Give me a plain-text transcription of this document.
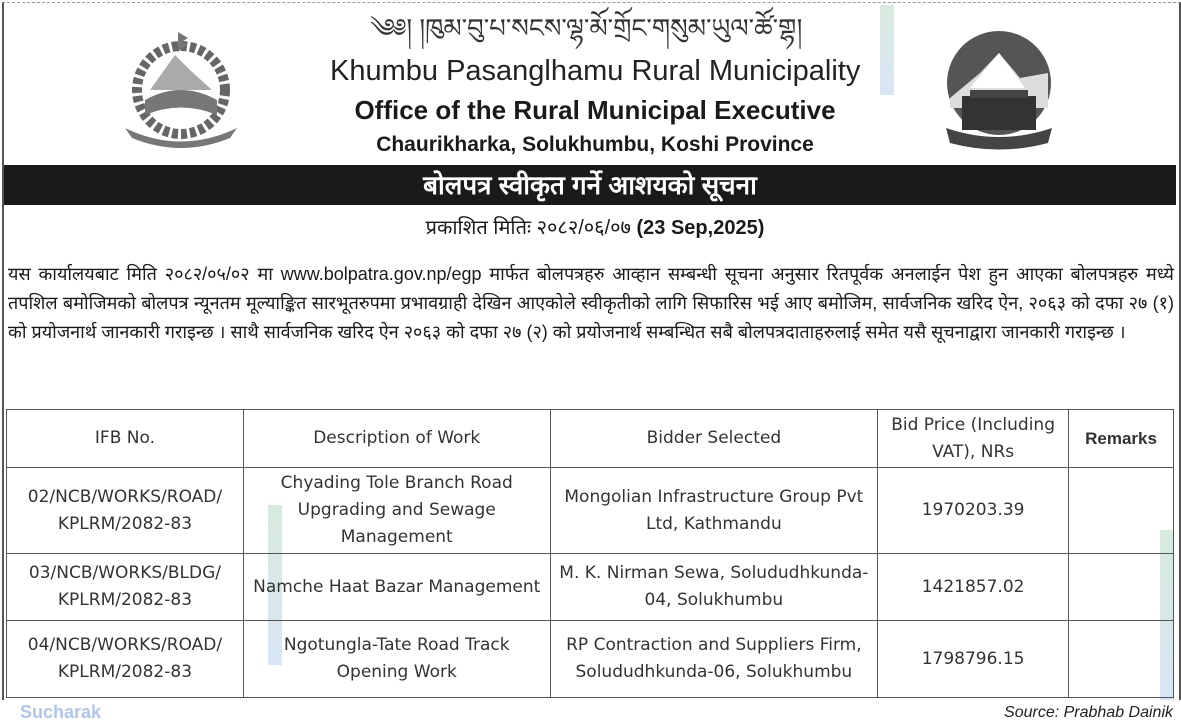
༄༅། །ཁུམ་བུ་པ་སངས་ལྷ་མོ་གྲོང་གསུམ་ཡུལ་ཚོ་གྷ།
Khumbu Pasanglhamu Rural Municipality
Office of the Rural Municipal Executive
Chaurikharka, Solukhumbu, Koshi Province
बोलपत्र स्वीकृत गर्ने आशयको सूचना
प्रकाशित मितिः २०८२/०६/०७ (23 Sep,2025)
यस कार्यालयबाट मिति २०८२/०५/०२ मा www.bolpatra.gov.np/egp मार्फत बोलपत्रहरु आव्हान सम्बन्धी सूचना अनुसार रितपूर्वक अनलाईन पेश हुन आएका बोलपत्रहरु मध्ये तपशिल बमोजिमको बोलपत्र न्यूनतम मूल्याङ्कित सारभूतरुपमा प्रभावग्राही देखिन आएकोले स्वीकृतीको लागि सिफारिस भई आए बमोजिम, सार्वजनिक खरिद ऐन, २०६३ को दफा २७ (१) को प्रयोजनार्थ जानकारी गराइन्छ । साथै सार्वजनिक खरिद ऐन २०६३ को दफा २७ (२) को प्रयोजनार्थ सम्बन्धित सबै बोलपत्रदाताहरुलाई समेत यसै सूचनाद्वारा जानकारी गराइन्छ ।
IFB No.	Description of Work	Bidder Selected	Bid Price (Including VAT), NRs	Remarks
02/NCB/WORKS/ROAD/ KPLRM/2082-83	Chyading Tole Branch Road Upgrading and Sewage Management	Mongolian Infrastructure Group Pvt Ltd, Kathmandu	1970203.39	
03/NCB/WORKS/BLDG/ KPLRM/2082-83	Namche Haat Bazar Management	M. K. Nirman Sewa, Solududhkunda-04, Solukhumbu	1421857.02	
04/NCB/WORKS/ROAD/ KPLRM/2082-83	Ngotungla-Tate Road Track Opening Work	RP Contraction and Suppliers Firm, Solududhkunda-06, Solukhumbu	1798796.15	
Sucharak	Source: Prabhab Dainik
